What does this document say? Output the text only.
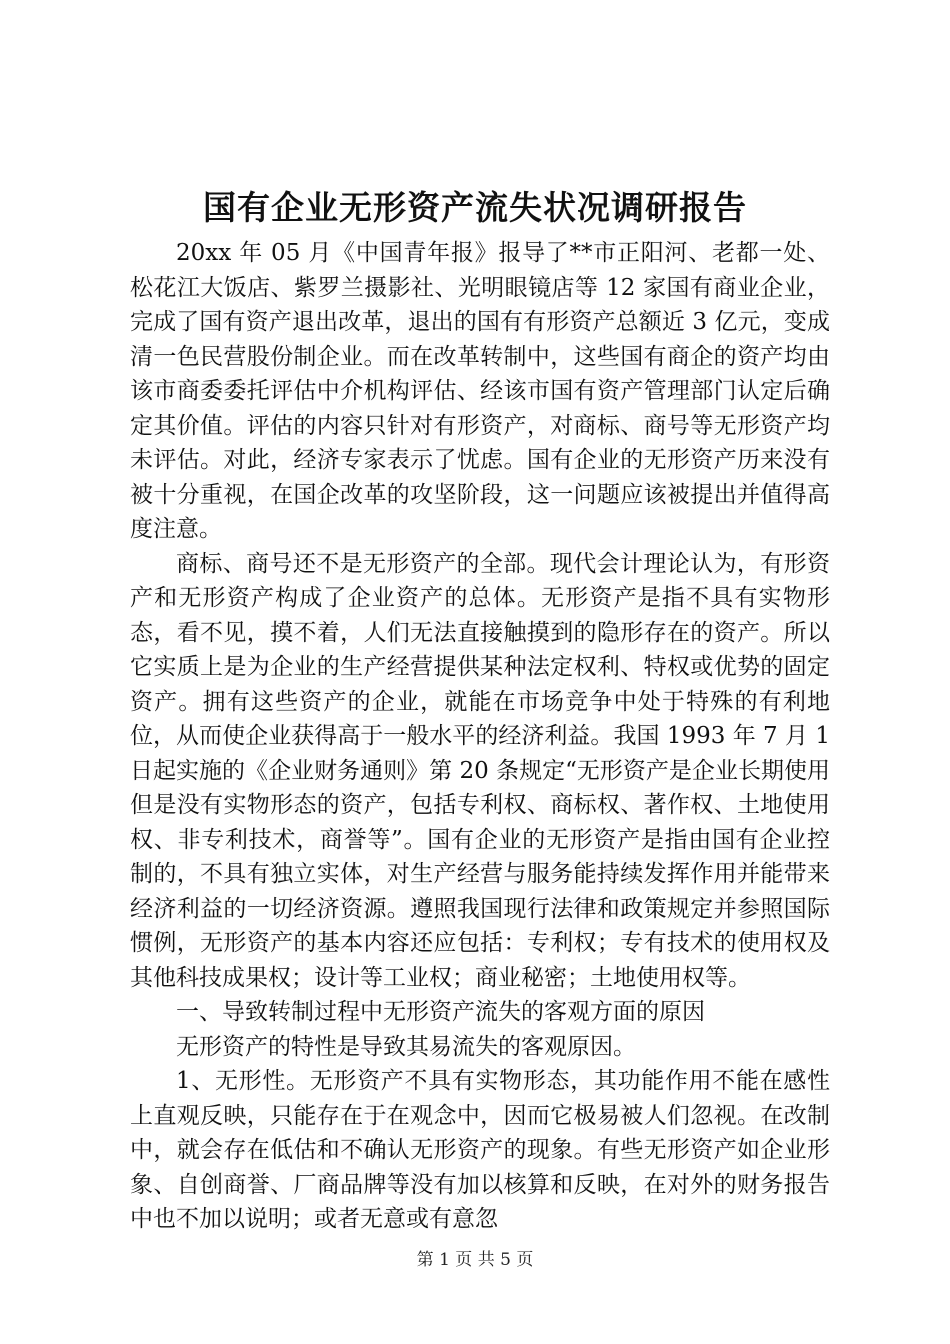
国有企业无形资产流失状况调研报告

20xx 年 05 月《中国青年报》报导了**市正阳河、老都一处、松花江大饭店、紫罗兰摄影社、光明眼镜店等 12 家国有商业企业，完成了国有资产退出改革，退出的国有有形资产总额近 3 亿元，变成清一色民营股份制企业。而在改革转制中，这些国有商企的资产均由该市商委委托评估中介机构评估、经该市国有资产管理部门认定后确定其价值。评估的内容只针对有形资产，对商标、商号等无形资产均未评估。对此，经济专家表示了忧虑。国有企业的无形资产历来没有被十分重视，在国企改革的攻坚阶段，这一问题应该被提出并值得高度注意。

商标、商号还不是无形资产的全部。现代会计理论认为，有形资产和无形资产构成了企业资产的总体。无形资产是指不具有实物形态，看不见，摸不着，人们无法直接触摸到的隐形存在的资产。所以它实质上是为企业的生产经营提供某种法定权利、特权或优势的固定资产。拥有这些资产的企业，就能在市场竞争中处于特殊的有利地位，从而使企业获得高于一般水平的经济利益。我国 1993 年 7 月 1 日起实施的《企业财务通则》第 20 条规定“无形资产是企业长期使用但是没有实物形态的资产，包括专利权、商标权、著作权、土地使用权、非专利技术，商誉等”。国有企业的无形资产是指由国有企业控制的，不具有独立实体，对生产经营与服务能持续发挥作用并能带来经济利益的一切经济资源。遵照我国现行法律和政策规定并参照国际惯例，无形资产的基本内容还应包括：专利权；专有技术的使用权及其他科技成果权；设计等工业权；商业秘密；土地使用权等。

一、导致转制过程中无形资产流失的客观方面的原因

无形资产的特性是导致其易流失的客观原因。

1、无形性。无形资产不具有实物形态，其功能作用不能在感性上直观反映，只能存在于在观念中，因而它极易被人们忽视。在改制中，就会存在低估和不确认无形资产的现象。有些无形资产如企业形象、自创商誉、厂商品牌等没有加以核算和反映，在对外的财务报告中也不加以说明；或者无意或有意忽

第 1 页 共 5 页
